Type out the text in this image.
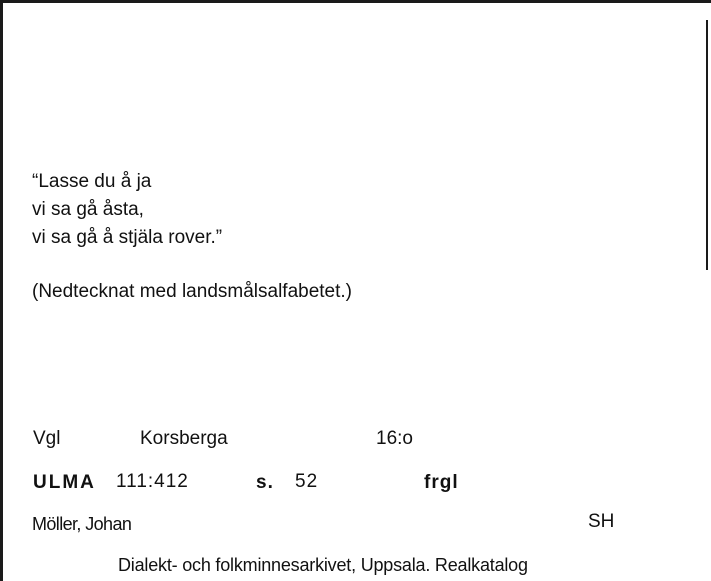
“Lasse du å ja
vi sa gå åsta,
vi sa gå å stjäla rover.”
(Nedtecknat med landsmålsalfabetet.)
Vgl	Korsberga	16:o
ULMA 111:412	s. 52	frgl
Möller, Johan	SH
Dialekt- och folkminnesarkivet, Uppsala. Realkatalog
